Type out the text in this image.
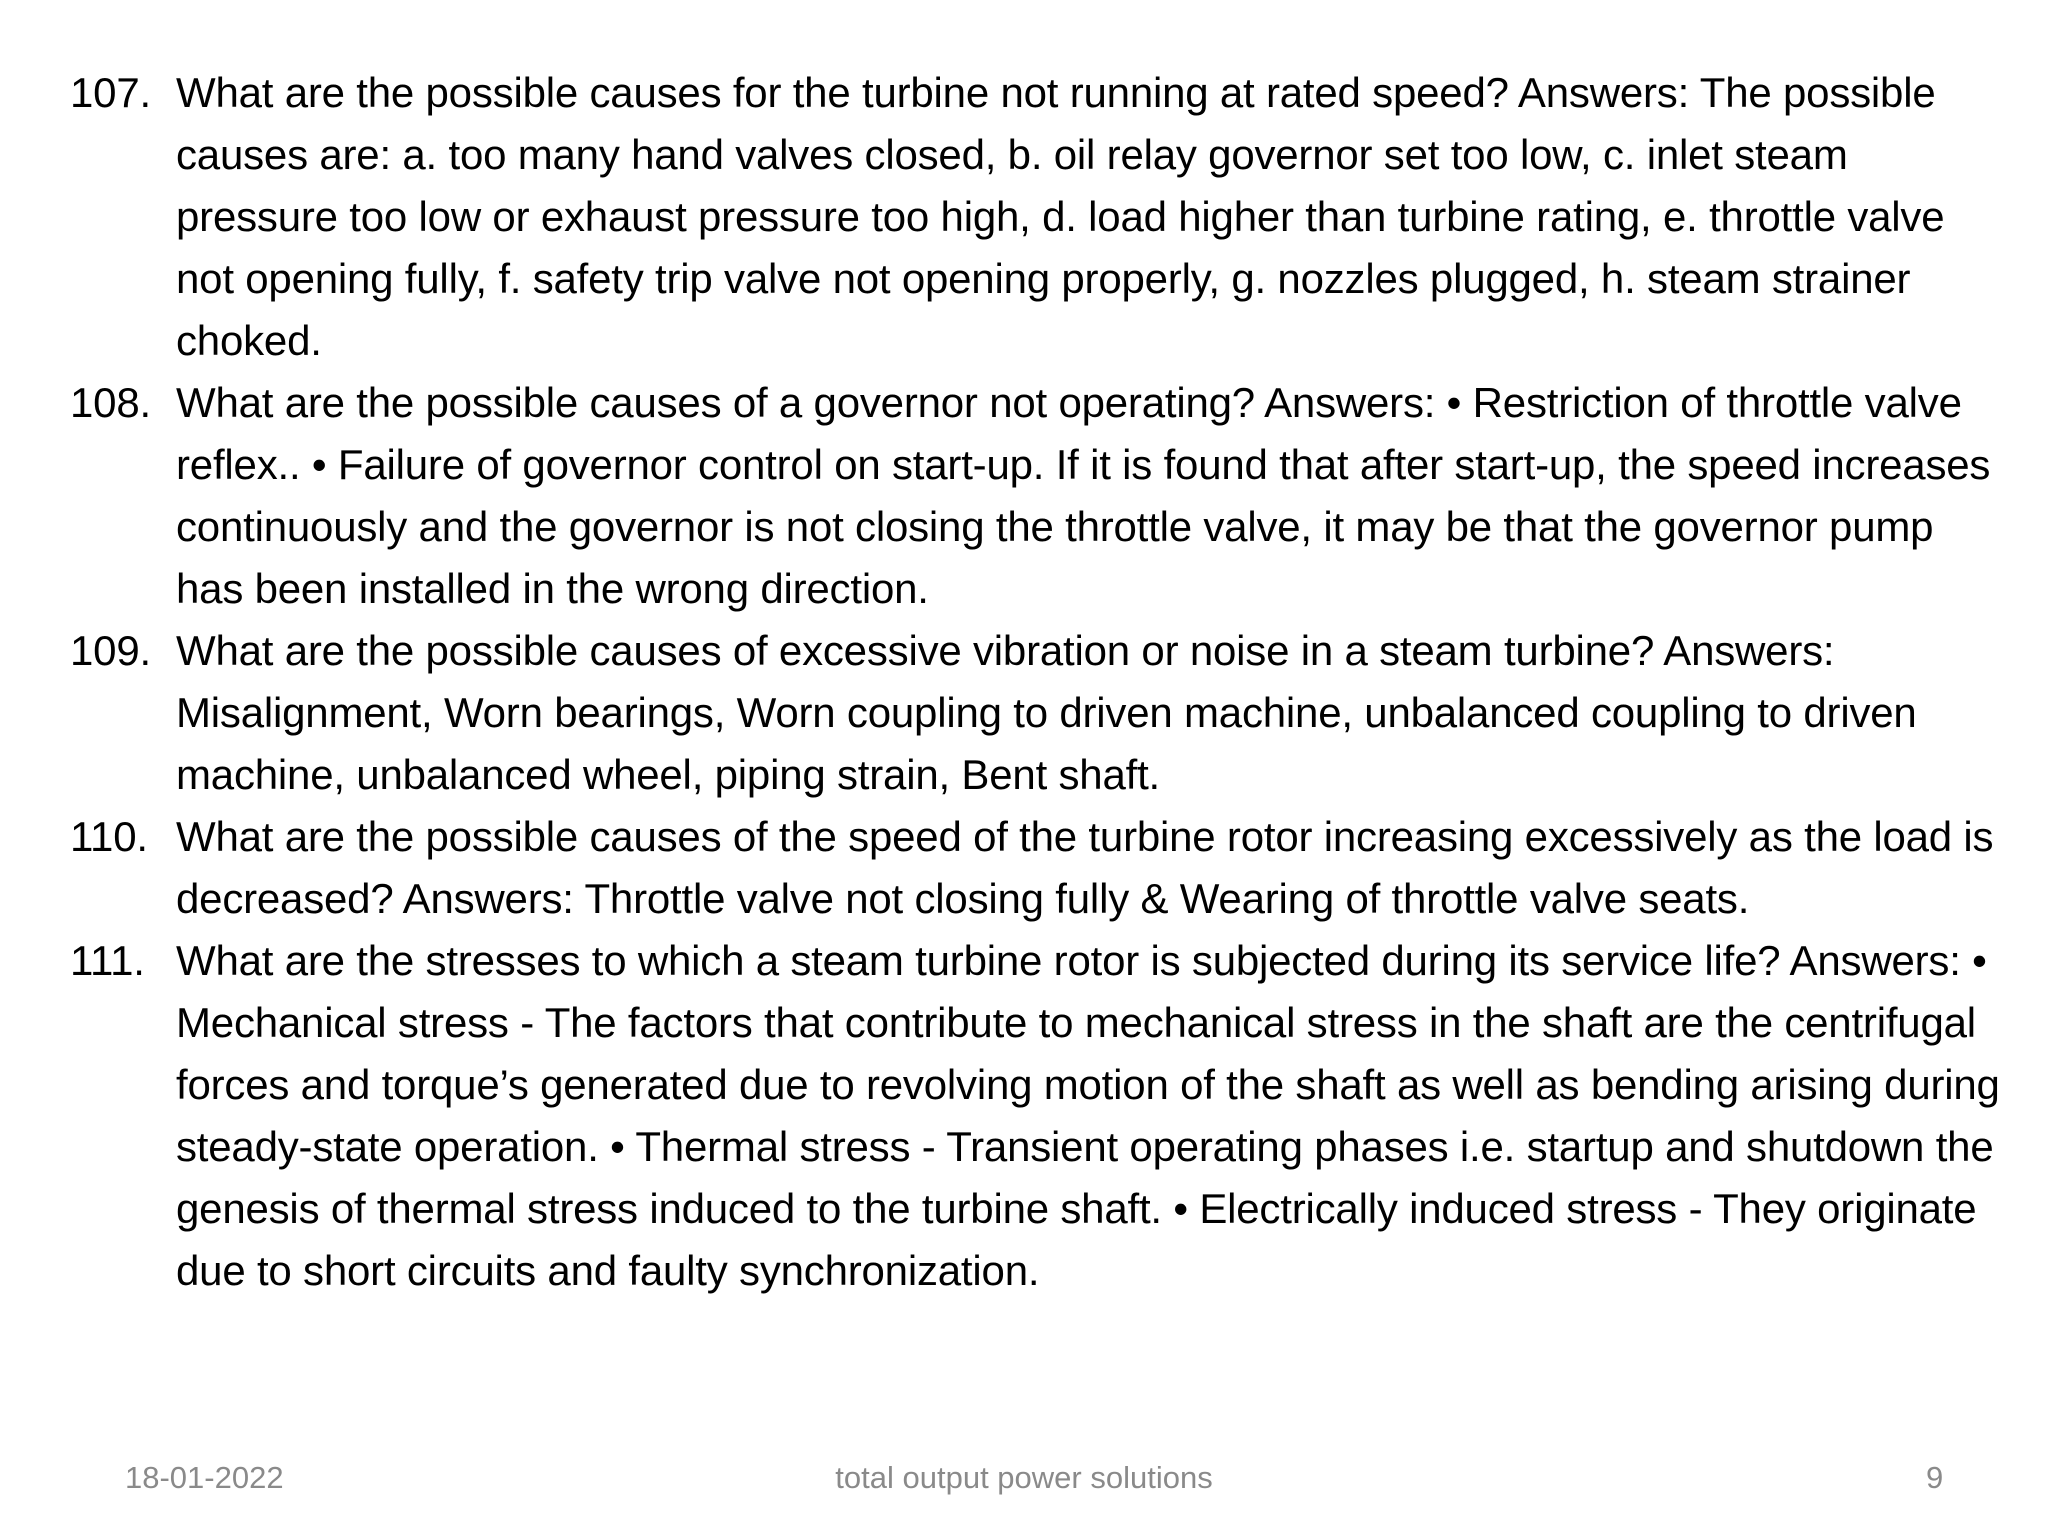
107. What are the possible causes for the turbine not running at rated speed? Answers: The possible causes are: a. too many hand valves closed, b. oil relay governor set too low, c. inlet steam pressure too low or exhaust pressure too high, d. load higher than turbine rating, e. throttle valve not opening fully, f. safety trip valve not opening properly, g. nozzles plugged, h. steam strainer choked.
108. What are the possible causes of a governor not operating? Answers: • Restriction of throttle valve reflex.. • Failure of governor control on start-up. If it is found that after start-up, the speed increases continuously and the governor is not closing the throttle valve, it may be that the governor pump has been installed in the wrong direction.
109. What are the possible causes of excessive vibration or noise in a steam turbine? Answers: Misalignment, Worn bearings, Worn coupling to driven machine, unbalanced coupling to driven machine, unbalanced wheel, piping strain, Bent shaft.
110. What are the possible causes of the speed of the turbine rotor increasing excessively as the load is decreased? Answers: Throttle valve not closing fully & Wearing of throttle valve seats.
111. What are the stresses to which a steam turbine rotor is subjected during its service life? Answers: • Mechanical stress - The factors that contribute to mechanical stress in the shaft are the centrifugal forces and torque’s generated due to revolving motion of the shaft as well as bending arising during steady-state operation. • Thermal stress - Transient operating phases i.e. startup and shutdown the genesis of thermal stress induced to the turbine shaft. • Electrically induced stress - They originate due to short circuits and faulty synchronization.
18-01-2022	total output power solutions	9
